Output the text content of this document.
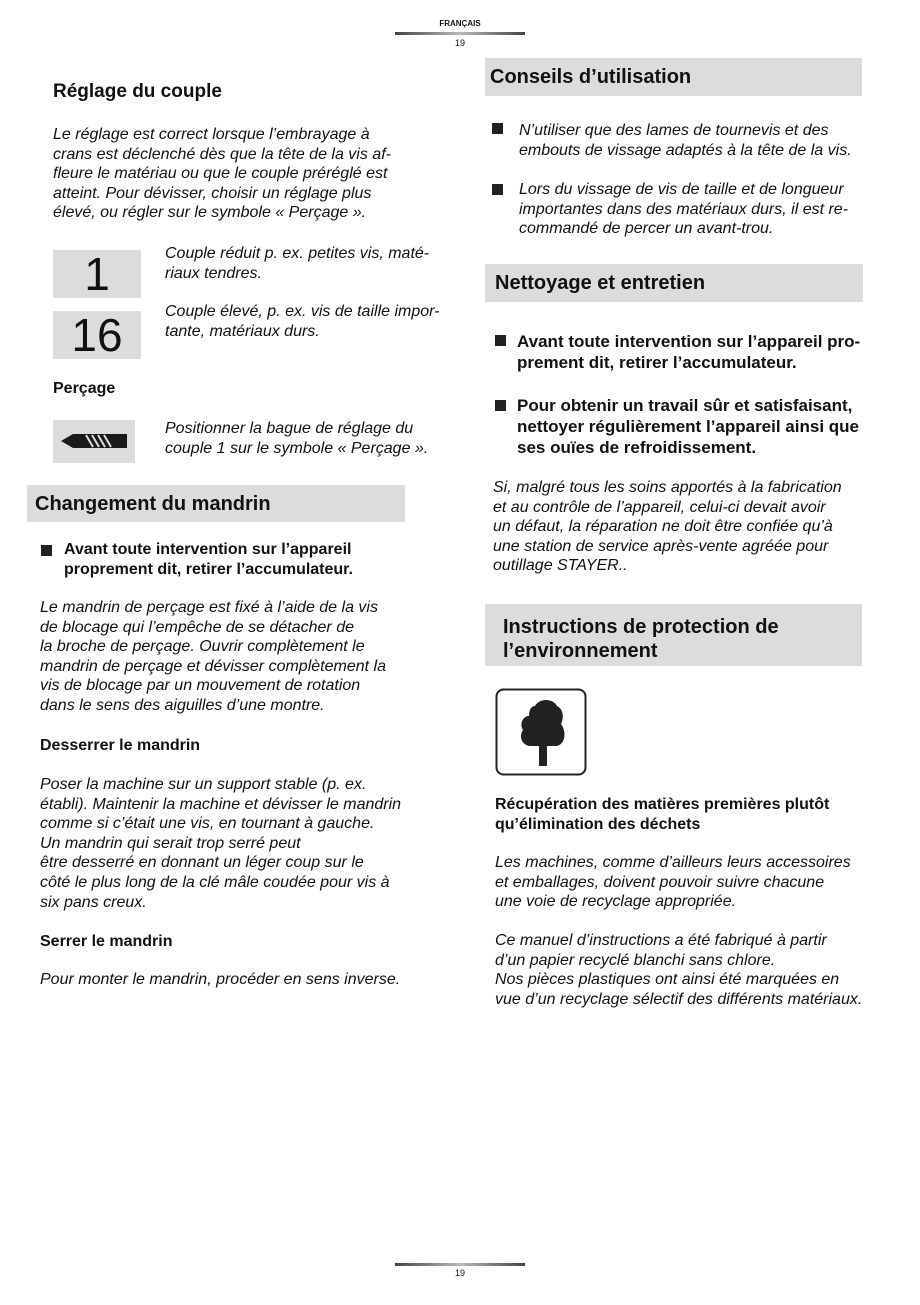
FRANÇAIS
19
Réglage du couple
Le réglage est correct lorsque l’embrayage à
crans est déclenché dès que la tête de la vis af-
fleure le matériau ou que le couple préréglé est
atteint. Pour dévisser, choisir un réglage plus
élevé, ou régler sur le symbole « Perçage ».
1	Couple réduit p. ex. petites vis, maté-
riaux tendres.
16	Couple élevé, p. ex. vis de taille impor-
tante, matériaux durs.
Perçage
Positionner la bague de réglage du
couple 1 sur le symbole « Perçage ».
Changement du mandrin
Avant toute intervention sur l’appareil
proprement dit, retirer l’accumulateur.
Le mandrin de perçage est fixé à l’aide de la vis
de blocage qui l’empêche de se détacher de
la broche de perçage. Ouvrir complètement le
mandrin de perçage et dévisser complètement la
vis de blocage par un mouvement de rotation
dans le sens des aiguilles d’une montre.
Desserrer le mandrin
Poser la machine sur un support stable (p. ex.
établi). Maintenir la machine et dévisser le mandrin
comme si c’était une vis, en tournant à gauche.
Un mandrin qui serait trop serré peut
être desserré en donnant un léger coup sur le
côté le plus long de la clé mâle coudée pour vis à
six pans creux.
Serrer le mandrin
Pour monter le mandrin, procéder en sens inverse.
Conseils d’utilisation
N’utiliser que des lames de tournevis et des
embouts de vissage adaptés à la tête de la vis.
Lors du vissage de vis de taille et de longueur
importantes dans des matériaux durs, il est re-
commandé de percer un avant-trou.
Nettoyage et entretien
Avant toute intervention sur l’appareil pro-
prement dit, retirer l’accumulateur.
Pour obtenir un travail sûr et satisfaisant,
nettoyer régulièrement l’appareil ainsi que
ses ouïes de refroidissement.
Si, malgré tous les soins apportés à la fabrication
et au contrôle de l’appareil, celui-ci devait avoir
un défaut, la réparation ne doit être confiée qu’à
une station de service après-vente agréée pour
outillage STAYER..
Instructions de protection de
l’environnement
Récupération des matières premières plutôt
qu’élimination des déchets
Les machines, comme d’ailleurs leurs accessoires
et emballages, doivent pouvoir suivre chacune
une voie de recyclage appropriée.
Ce manuel d’instructions a été fabriqué à partir
d’un papier recyclé blanchi sans chlore.
Nos pièces plastiques ont ainsi été marquées en
vue d’un recyclage sélectif des différents matériaux.
19
